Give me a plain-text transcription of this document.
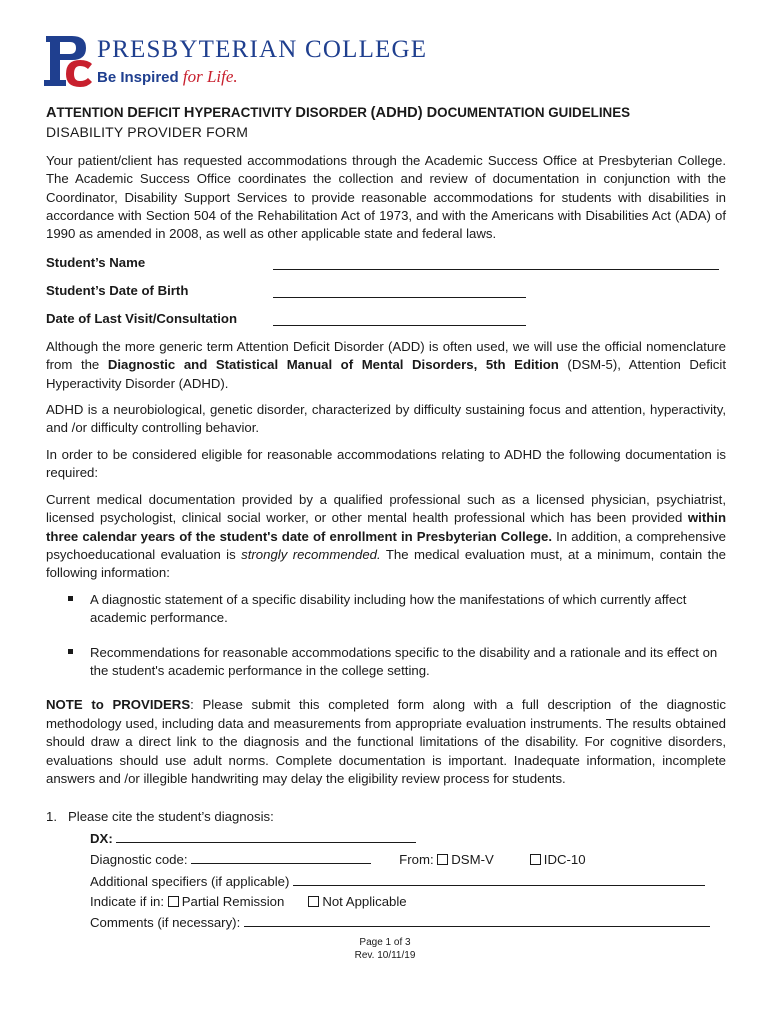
PRESBYTERIAN COLLEGE
Be Inspired for Life.
ATTENTION DEFICIT HYPERACTIVITY DISORDER (ADHD) DOCUMENTATION GUIDELINES
DISABILITY PROVIDER FORM

Your patient/client has requested accommodations through the Academic Success Office at Presbyterian College. The Academic Success Office coordinates the collection and review of documentation in conjunction with the Coordinator, Disability Support Services to provide reasonable accommodations for students with disabilities in accordance with Section 504 of the Rehabilitation Act of 1973, and with the Americans with Disabilities Act (ADA) of 1990 as amended in 2008, as well as other applicable state and federal laws.

Student’s Name
Student’s Date of Birth
Date of Last Visit/Consultation

Although the more generic term Attention Deficit Disorder (ADD) is often used, we will use the official nomenclature from the Diagnostic and Statistical Manual of Mental Disorders, 5th Edition (DSM-5), Attention Deficit Hyperactivity Disorder (ADHD).

ADHD is a neurobiological, genetic disorder, characterized by difficulty sustaining focus and attention, hyperactivity, and /or difficulty controlling behavior.

In order to be considered eligible for reasonable accommodations relating to ADHD the following documentation is required:

Current medical documentation provided by a qualified professional such as a licensed physician, psychiatrist, licensed psychologist, clinical social worker, or other mental health professional which has been provided within three calendar years of the student's date of enrollment in Presbyterian College. In addition, a comprehensive psychoeducational evaluation is strongly recommended. The medical evaluation must, at a minimum, contain the following information:

A diagnostic statement of a specific disability including how the manifestations of which currently affect academic performance.
Recommendations for reasonable accommodations specific to the disability and a rationale and its effect on the student's academic performance in the college setting.

NOTE to PROVIDERS: Please submit this completed form along with a full description of the diagnostic methodology used, including data and measurements from appropriate evaluation instruments. The results obtained should draw a direct link to the diagnosis and the functional limitations of the disability. For cognitive disorders, evaluations should use adult norms. Complete documentation is important. Inadequate information, incomplete answers and /or illegible handwriting may delay the eligibility review process for students.

1. Please cite the student’s diagnosis:
DX:
Diagnostic code:	From: DSM-V	IDC-10
Additional specifiers (if applicable)
Indicate if in: Partial Remission	Not Applicable
Comments (if necessary):
Page 1 of 3
Rev. 10/11/19
